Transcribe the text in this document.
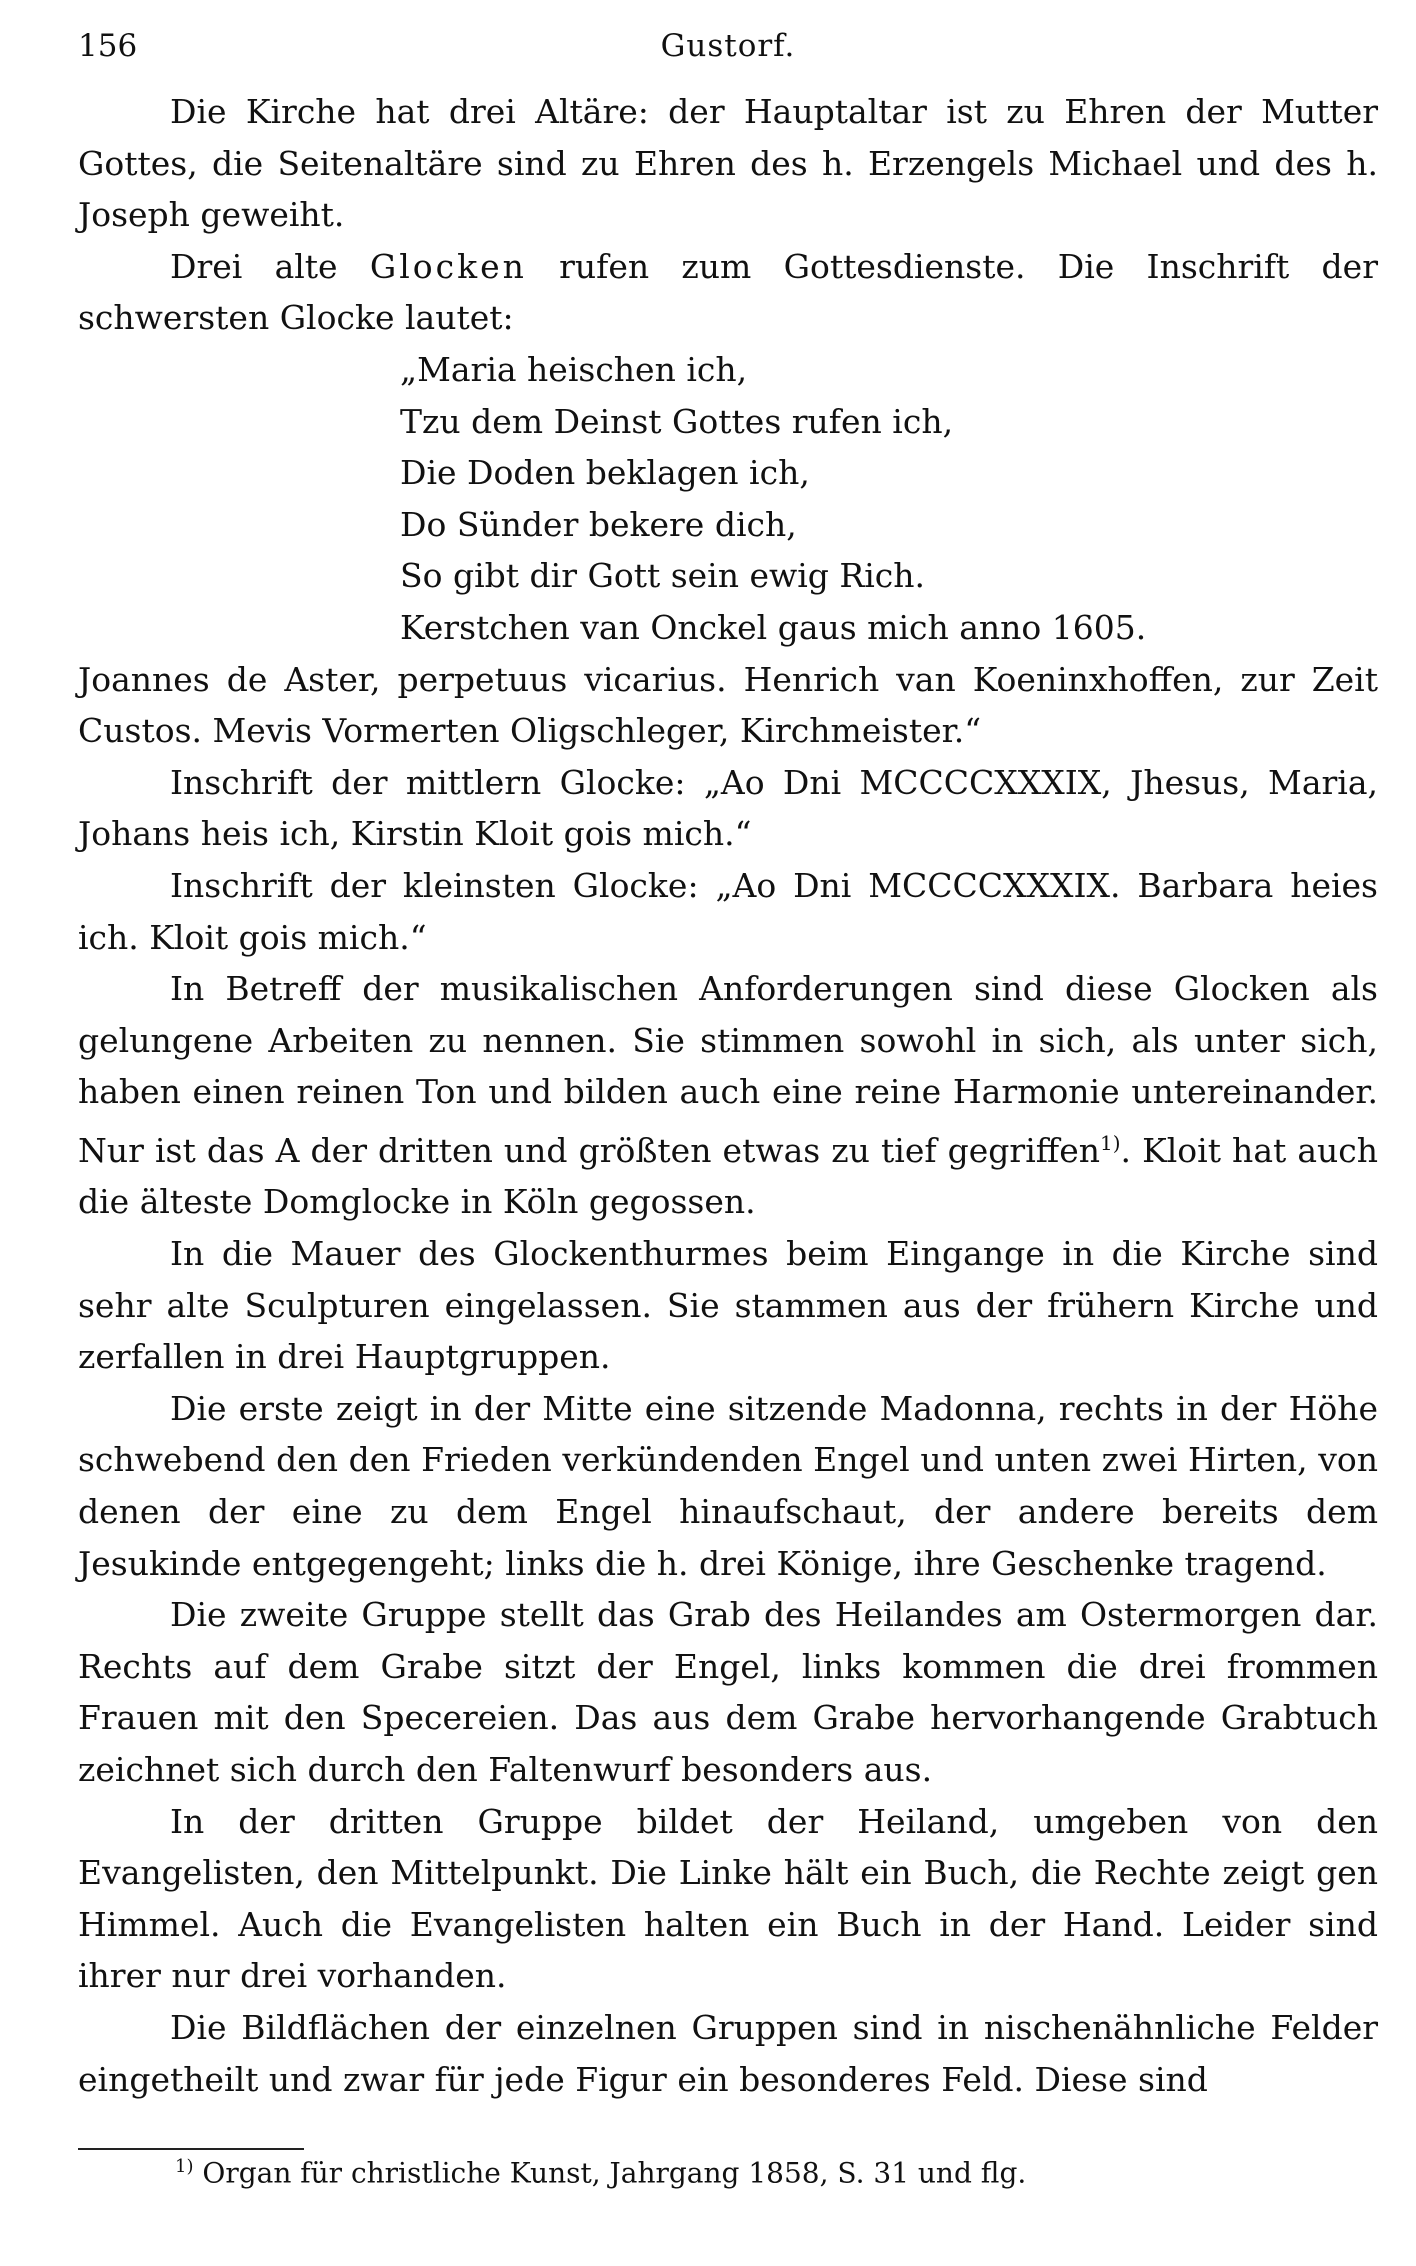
156	Gustorf.

Die Kirche hat drei Altäre: der Hauptaltar ist zu Ehren der Mutter Gottes, die Seitenaltäre sind zu Ehren des h. Erzengels Michael und des h. Joseph geweiht.

Drei alte Glocken rufen zum Gottesdienste. Die Inschrift der schwersten Glocke lautet:

„Maria heischen ich,
Tzu dem Deinst Gottes rufen ich,
Die Doden beklagen ich,
Do Sünder bekere dich,
So gibt dir Gott sein ewig Rich.
Kerstchen van Onckel gaus mich anno 1605.

Joannes de Aster, perpetuus vicarius. Henrich van Koeninxhoffen, zur Zeit Custos. Mevis Vormerten Oligschleger, Kirchmeister.“

Inschrift der mittlern Glocke: „Ao Dni MCCCCXXXIX, Jhesus, Maria, Johans heis ich, Kirstin Kloit gois mich.“

Inschrift der kleinsten Glocke: „Ao Dni MCCCCXXXIX. Barbara heies ich. Kloit gois mich.“

In Betreff der musikalischen Anforderungen sind diese Glocken als gelungene Arbeiten zu nennen. Sie stimmen sowohl in sich, als unter sich, haben einen reinen Ton und bilden auch eine reine Harmonie untereinander. Nur ist das A der dritten und größten etwas zu tief gegriffen$^{1)}$. Kloit hat auch die älteste Domglocke in Köln gegossen.

In die Mauer des Glockenthurmes beim Eingange in die Kirche sind sehr alte Sculpturen eingelassen. Sie stammen aus der frühern Kirche und zerfallen in drei Hauptgruppen.

Die erste zeigt in der Mitte eine sitzende Madonna, rechts in der Höhe schwebend den den Frieden verkündenden Engel und unten zwei Hirten, von denen der eine zu dem Engel hinaufschaut, der andere bereits dem Jesukinde entgegengeht; links die h. drei Könige, ihre Geschenke tragend.

Die zweite Gruppe stellt das Grab des Heilandes am Ostermorgen dar. Rechts auf dem Grabe sitzt der Engel, links kommen die drei frommen Frauen mit den Specereien. Das aus dem Grabe hervorhangende Grabtuch zeichnet sich durch den Faltenwurf besonders aus.

In der dritten Gruppe bildet der Heiland, umgeben von den Evangelisten, den Mittelpunkt. Die Linke hält ein Buch, die Rechte zeigt gen Himmel. Auch die Evangelisten halten ein Buch in der Hand. Leider sind ihrer nur drei vorhanden.

Die Bildflächen der einzelnen Gruppen sind in nischenähnliche Felder eingetheilt und zwar für jede Figur ein besonderes Feld. Diese sind

$^{1)}$ Organ für christliche Kunst, Jahrgang 1858, S. 31 und flg.
